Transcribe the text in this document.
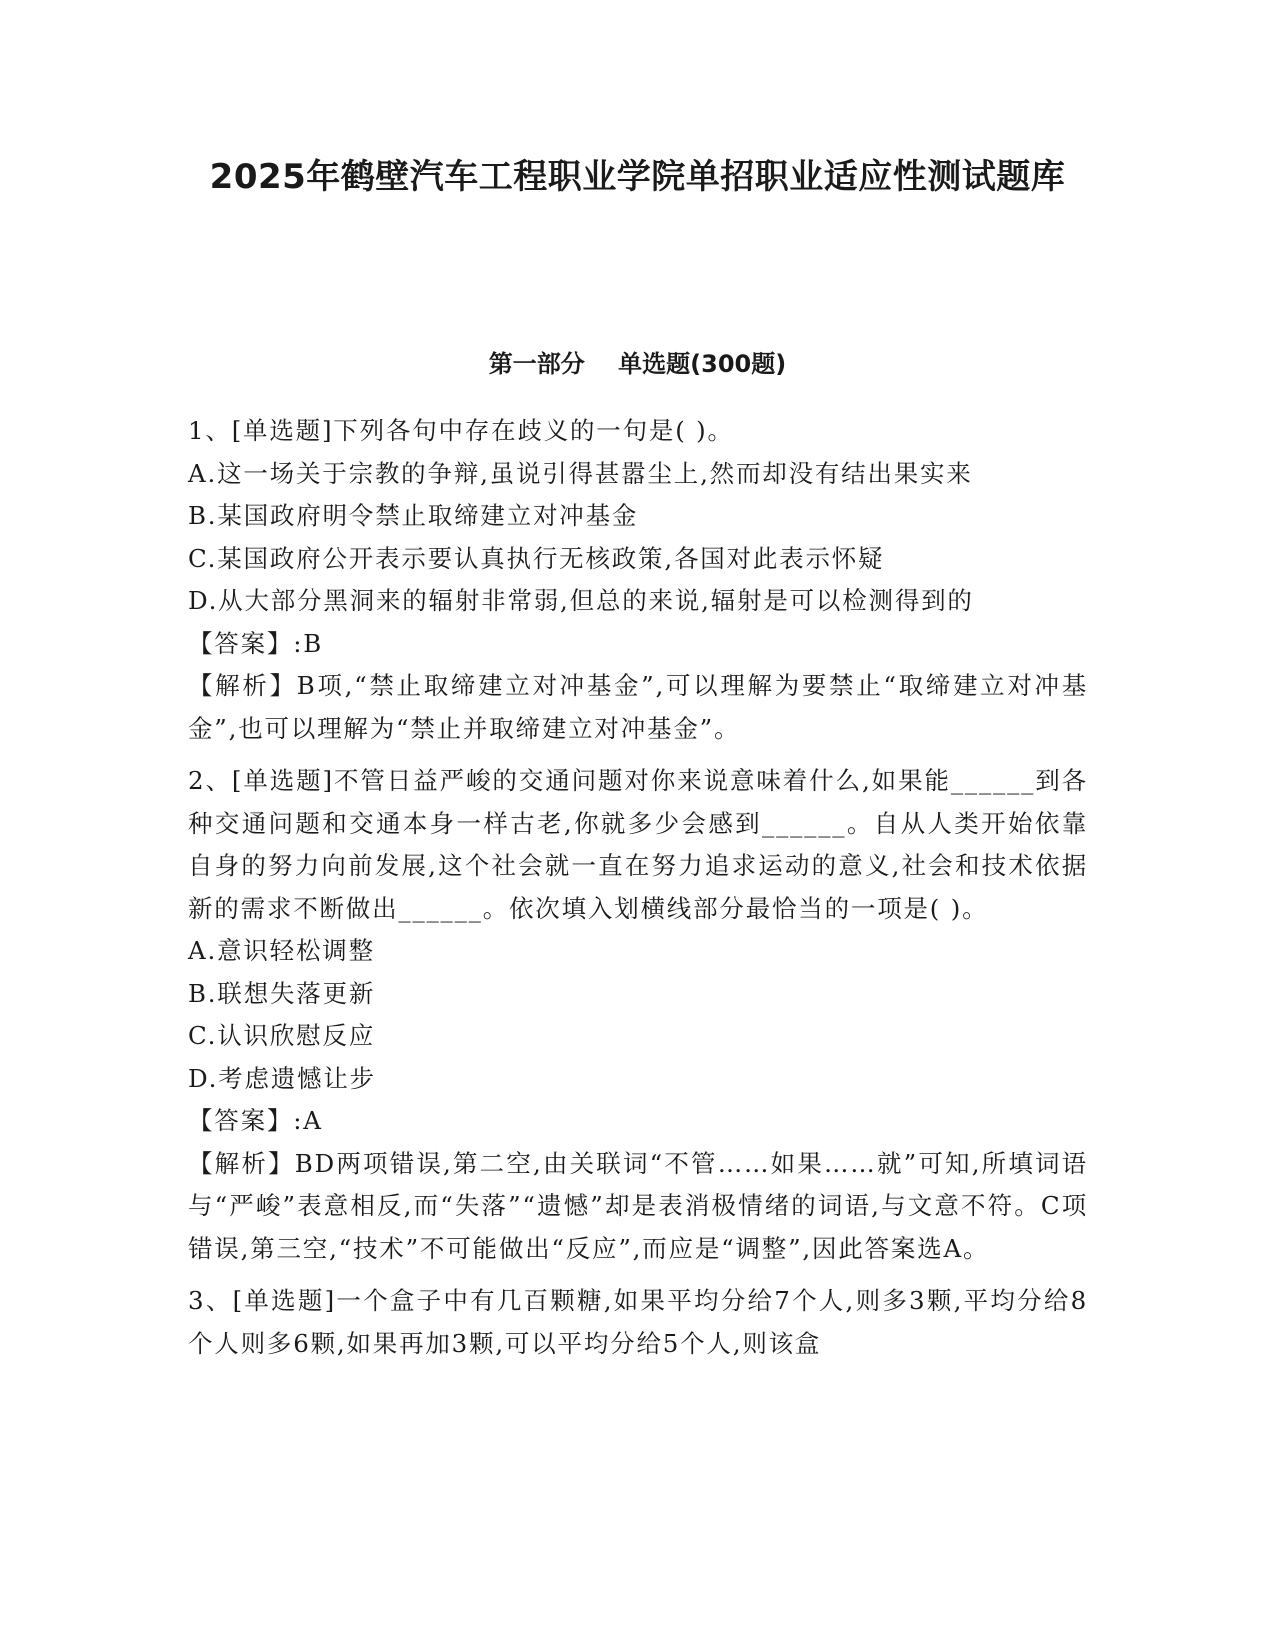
2025年鹤壁汽车工程职业学院单招职业适应性测试题库
第一部分    单选题(300题)

1、[单选题]下列各句中存在歧义的一句是( )。

A.这一场关于宗教的争辩,虽说引得甚嚣尘上,然而却没有结出果实来

B.某国政府明令禁止取缔建立对冲基金

C.某国政府公开表示要认真执行无核政策,各国对此表示怀疑

D.从大部分黑洞来的辐射非常弱,但总的来说,辐射是可以检测得到的

【答案】:B

【解析】B项,“禁止取缔建立对冲基金”,可以理解为要禁止“取缔建立对冲基金”,也可以理解为“禁止并取缔建立对冲基金”。

2、[单选题]不管日益严峻的交通问题对你来说意味着什么,如果能______到各种交通问题和交通本身一样古老,你就多少会感到______。自从人类开始依靠自身的努力向前发展,这个社会就一直在努力追求运动的意义,社会和技术依据新的需求不断做出______。依次填入划横线部分最恰当的一项是( )。

A.意识轻松调整

B.联想失落更新

C.认识欣慰反应

D.考虑遗憾让步

【答案】:A

【解析】BD两项错误,第二空,由关联词“不管……如果……就”可知,所填词语与“严峻”表意相反,而“失落”“遗憾”却是表消极情绪的词语,与文意不符。C项错误,第三空,“技术”不可能做出“反应”,而应是“调整”,因此答案选A。

3、[单选题]一个盒子中有几百颗糖,如果平均分给7个人,则多3颗,平均分给8个人则多6颗,如果再加3颗,可以平均分给5个人,则该盒
